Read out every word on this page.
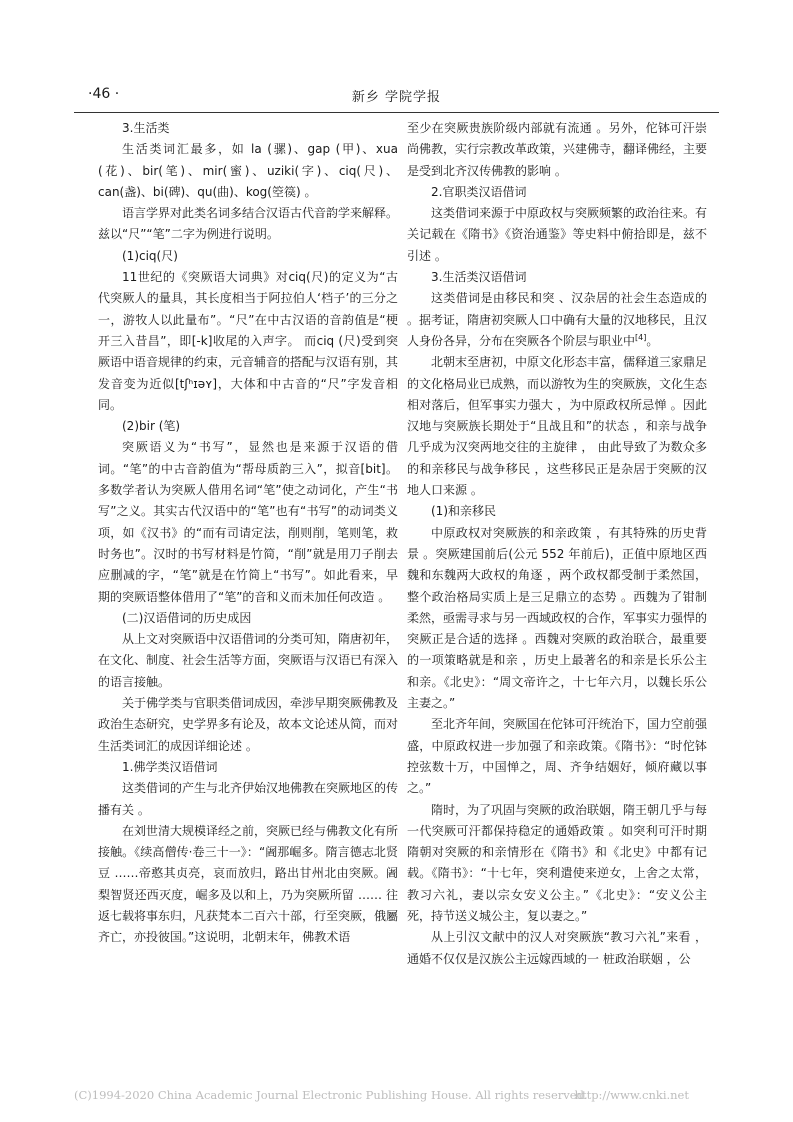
·46 ·	新乡 学院学报

3.生活类

生活类词汇最多，如 la (骡)、gap (甲)、xua (花)、bir(笔)、mir(蜜)、uziki(字)、ciq(尺)、can(盏)、bi(碑)、qu(曲)、kog(箜篌) 。

语言学界对此类名词多结合汉语古代音韵学来解释。兹以“尺”“笔”二字为例进行说明。

(1)ciq(尺)

11世纪的《突厥语大词典》对ciq(尺)的定义为“古代突厥人的量具，其长度相当于阿拉伯人‘档子’的三分之一，游牧人以此量布”。“尺”在中古汉语的音韵值是“梗开三入昔昌”，即[-k]收尾的入声字。 而ciq (尺)受到突厥语中语音规律的约束，元音辅音的搭配与汉语有别，其发音变为近似[tʃʰɪəʏ]，大体和中古音的“尺”字发音相同。

(2)bir (笔)

突厥语义为“书写”，显然也是来源于汉语的借词。“笔”的中古音韵值为“帮母质韵三入”，拟音[bit]。多数学者认为突厥人借用名词“笔”使之动词化，产生“书写”之义。其实古代汉语中的“笔”也有“书写”的动词类义项，如《汉书》的“而有司请定法，削则削，笔则笔，救时务也”。汉时的书写材料是竹简，“削”就是用刀子削去应删减的字，“笔”就是在竹简上“书写”。如此看来，早期的突厥语整体借用了“笔”的音和义而未加任何改造 。

(二)汉语借词的历史成因

从上文对突厥语中汉语借词的分类可知，隋唐初年，在文化、制度、社会生活等方面，突厥语与汉语已有深入的语言接触。

关于佛学类与官职类借词成因，牵涉早期突厥佛教及政治生态研究，史学界多有论及，故本文论述从简，而对生活类词汇的成因详细论述 。

1.佛学类汉语借词

这类借词的产生与北齐伊始汉地佛教在突厥地区的传播有关 。

在刘世清大规模译经之前，突厥已经与佛教文化有所接触。《续高僧传·卷三十一》：“阇那崛多。隋言德志北贤豆 ……帝憨其贞亮，哀而放归，路出甘州北由突厥。阇梨智贤还西灭度，崛多及以和上，乃为突厥所留 …… 往返七载将事东归，凡获梵本二百六十部，行至突厥，俄屬齐亡，亦投彼国。”这说明，北朝末年，佛教术语

至少在突厥贵族阶级内部就有流通 。另外，佗钵可汗崇尚佛教，实行宗教改革政策，兴建佛寺，翻译佛经，主要是受到北齐汉传佛教的影响 。

2.官职类汉语借词

这类借词来源于中原政权与突厥频繁的政治往来。有关记载在《隋书》《资治通鉴》等史料中俯拾即是，兹不引述 。

3.生活类汉语借词

这类借词是由移民和突 、汉杂居的社会生态造成的 。据考证，隋唐初突厥人口中确有大量的汉地移民，且汉人身份各异，分布在突厥各个阶层与职业中[4]。

北朝末至唐初，中原文化形态丰富，儒释道三家鼎足的文化格局业已成熟，而以游牧为生的突厥族，文化生态相对落后，但军事实力强大 ，为中原政权所忌惮 。因此汉地与突厥族长期处于“且战且和”的状态 ，和亲与战争几乎成为汉突两地交往的主旋律 ， 由此导致了为数众多的和亲移民与战争移民 ，这些移民正是杂居于突厥的汉地人口来源 。

(1)和亲移民

中原政权对突厥族的和亲政策 ，有其特殊的历史背景 。突厥建国前后(公元 552 年前后)，正值中原地区西魏和东魏两大政权的角逐 ，两个政权都受制于柔然国，整个政治格局实质上是三足鼎立的态势 。西魏为了钳制柔然，亟需寻求与另一西域政权的合作，军事实力强悍的突厥正是合适的选择 。西魏对突厥的政治联合，最重要的一项策略就是和亲 ，历史上最著名的和亲是长乐公主和亲。《北史》：“周文帝许之，十七年六月，以魏长乐公主妻之。”

至北齐年间，突厥国在佗钵可汗统治下，国力空前强盛，中原政权进一步加强了和亲政策。《隋书》：“时佗钵控弦数十万，中国惮之，周、齐争结姻好，倾府藏以事之。”

隋时，为了巩固与突厥的政治联姻，隋王朝几乎与每一代突厥可汗都保持稳定的通婚政策 。如突利可汗时期隋朝对突厥的和亲情形在《隋书》和《北史》中都有记载。《隋书》：“十七年，突利遣使来逆女，上舍之太常，教习六礼，妻以宗女安义公主。”《北史》：“安义公主死，持节送义城公主，复以妻之。”

从上引汉文献中的汉人对突厥族“教习六礼”来看 ，通婚不仅仅是汉族公主远嫁西域的一 桩政治联姻 ，公

(C)1994-2020 China Academic Journal Electronic Publishing House. All rights reserved.
http://www.cnki.net
